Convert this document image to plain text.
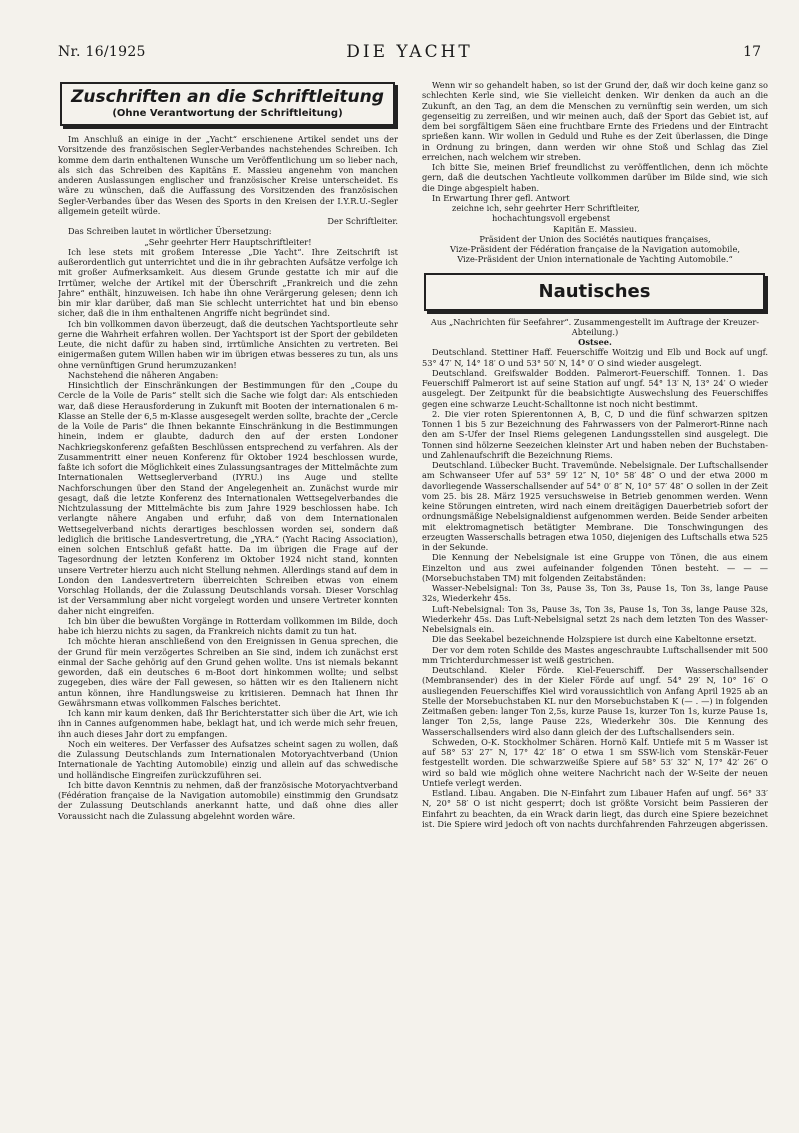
Nr. 16/1925	DIE YACHT	17
Zuschriften an die Schriftleitung
(Ohne Verantwortung der Schriftleitung)

Im Anschluß an einige in der „Yacht“ erschienene Artikel sendet uns der Vorsitzende des französischen Segler-Verbandes nachstehendes Schreiben. Ich komme dem darin enthaltenen Wunsche um Veröffentlichung um so lieber nach, als sich das Schreiben des Kapitäns E. Massieu angenehm von manchen anderen Auslassungen englischer und französischer Kreise unterscheidet. Es wäre zu wünschen, daß die Auffassung des Vorsitzenden des französischen Segler-Verbandes über das Wesen des Sports in den Kreisen der I.Y.R.U.-Segler allgemein geteilt würde.

Der Schriftleiter.

Das Schreiben lautet in wörtlicher Übersetzung:

„Sehr geehrter Herr Hauptschriftleiter!

Ich lese stets mit großem Interesse „Die Yacht“. Ihre Zeitschrift ist außerordentlich gut unterrichtet und die in ihr gebrachten Aufsätze verfolge ich mit großer Aufmerksamkeit. Aus diesem Grunde gestatte ich mir auf die Irrtümer, welche der Artikel mit der Überschrift „Frankreich und die zehn Jahre“ enthält, hinzuweisen. Ich habe ihn ohne Verärgerung gelesen; denn ich bin mir klar darüber, daß man Sie schlecht unterrichtet hat und bin ebenso sicher, daß die in ihm enthaltenen Angriffe nicht begründet sind.

Ich bin vollkommen davon überzeugt, daß die deutschen Yachtsportleute sehr gerne die Wahrheit erfahren wollen. Der Yachtsport ist der Sport der gebildeten Leute, die nicht dafür zu haben sind, irrtümliche Ansichten zu vertreten. Bei einigermaßen gutem Willen haben wir im übrigen etwas besseres zu tun, als uns ohne vernünftigen Grund herumzuzanken!

Nachstehend die näheren Angaben:

Hinsichtlich der Einschränkungen der Bestimmungen für den „Coupe du Cercle de la Voile de Paris“ stellt sich die Sache wie folgt dar: Als entschieden war, daß diese Herausforderung in Zukunft mit Booten der internationalen 6 m-Klasse an Stelle der 6,5 m-Klasse ausgesegelt werden sollte, brachte der „Cercle de la Voile de Paris“ die Ihnen bekannte Einschränkung in die Bestimmungen hinein, indem er glaubte, dadurch den auf der ersten Londoner Nachkriegskonferenz gefaßten Beschlüssen entsprechend zu verfahren. Als der Zusammentritt einer neuen Konferenz für Oktober 1924 beschlossen wurde, faßte ich sofort die Möglichkeit eines Zulassungsantrages der Mittelmächte zum Internationalen Wettseglerverband (IYRU.) ins Auge und stellte Nachforschungen über den Stand der Angelegenheit an. Zunächst wurde mir gesagt, daß die letzte Konferenz des Internationalen Wettsegelverbandes die Nichtzulassung der Mittelmächte bis zum Jahre 1929 beschlossen habe. Ich verlangte nähere Angaben und erfuhr, daß von dem Internationalen Wettsegelverband nichts derartiges beschlossen worden sei, sondern daß lediglich die britische Landesvertretung, die „YRA.“ (Yacht Racing Association), einen solchen Entschluß gefaßt hatte. Da im übrigen die Frage auf der Tagesordnung der letzten Konferenz im Oktober 1924 nicht stand, konnten unsere Vertreter hierzu auch nicht Stellung nehmen. Allerdings stand auf dem in London den Landesvertretern überreichten Schreiben etwas von einem Vorschlag Hollands, der die Zulassung Deutschlands vorsah. Dieser Vorschlag ist der Versammlung aber nicht vorgelegt worden und unsere Vertreter konnten daher nicht eingreifen.

Ich bin über die bewußten Vorgänge in Rotterdam vollkommen im Bilde, doch habe ich hierzu nichts zu sagen, da Frankreich nichts damit zu tun hat.

Ich möchte hieran anschließend von den Ereignissen in Genua sprechen, die der Grund für mein verzögertes Schreiben an Sie sind, indem ich zunächst erst einmal der Sache gehörig auf den Grund gehen wollte. Uns ist niemals bekannt geworden, daß ein deutsches 6 m-Boot dort hinkommen wollte; und selbst zugegeben, dies wäre der Fall gewesen, so hätten wir es den Italienern nicht antun können, ihre Handlungsweise zu kritisieren. Demnach hat Ihnen Ihr Gewährsmann etwas vollkommen Falsches berichtet.

Ich kann mir kaum denken, daß Ihr Berichterstatter sich über die Art, wie ich ihn in Cannes aufgenommen habe, beklagt hat, und ich werde mich sehr freuen, ihn auch dieses Jahr dort zu empfangen.

Noch ein weiteres. Der Verfasser des Aufsatzes scheint sagen zu wollen, daß die Zulassung Deutschlands zum Internationalen Motoryachtverband (Union Internationale de Yachting Automobile) einzig und allein auf das schwedische und holländische Eingreifen zurückzuführen sei.

Ich bitte davon Kenntnis zu nehmen, daß der französische Motoryachtverband (Fédération française de la Navigation automobile) einstimmig den Grundsatz der Zulassung Deutschlands anerkannt hatte, und daß ohne dies aller Voraussicht nach die Zulassung abgelehnt worden wäre.

Wenn wir so gehandelt haben, so ist der Grund der, daß wir doch keine ganz so schlechten Kerle sind, wie Sie vielleicht denken. Wir denken da auch an die Zukunft, an den Tag, an dem die Menschen zu vernünftig sein werden, um sich gegenseitig zu zerreißen, und wir meinen auch, daß der Sport das Gebiet ist, auf dem bei sorgfältigem Säen eine fruchtbare Ernte des Friedens und der Eintracht sprießen kann. Wir wollen in Geduld und Ruhe es der Zeit überlassen, die Dinge in Ordnung zu bringen, dann werden wir ohne Stoß und Schlag das Ziel erreichen, nach welchem wir streben.

Ich bitte Sie, meinen Brief freundlichst zu veröffentlichen, denn ich möchte gern, daß die deutschen Yachtleute vollkommen darüber im Bilde sind, wie sich die Dinge abgespielt haben.

In Erwartung Ihrer gefl. Antwort

zeichne ich, sehr geehrter Herr Schriftleiter,

hochachtungsvoll ergebenst

Kapitän E. Massieu.

Präsident der Union des Sociétés nautiques françaises,

Vize-Präsident der Fédération française de la Navigation automobile,

Vize-Präsident der Union internationale de Yachting Automobile.“

Nautisches

Aus „Nachrichten für Seefahrer“. Zusammengestellt im Auftrage der Kreuzer-Abteilung.)

Ostsee.

Deutschland. Stettiner Haff. Feuerschiffe Woitzig und Elb und Bock auf ungf. 53° 47′ N, 14° 18′ O und 53° 50′ N, 14° 0′ O sind wieder ausgelegt.

Deutschland. Greifswalder Bodden. Palmerort-Feuerschiff. Tonnen. 1. Das Feuerschiff Palmerort ist auf seine Station auf ungf. 54° 13′ N, 13° 24′ O wieder ausgelegt. Der Zeitpunkt für die beabsichtigte Auswechslung des Feuerschiffes gegen eine schwarze Leucht-Schalltonne ist noch nicht bestimmt.

2. Die vier roten Spierentonnen A, B, C, D und die fünf schwarzen spitzen Tonnen 1 bis 5 zur Bezeichnung des Fahrwassers von der Palmerort-Rinne nach den am S-Ufer der Insel Riems gelegenen Landungsstellen sind ausgelegt. Die Tonnen sind hölzerne Seezeichen kleinster Art und haben neben der Buchstaben- und Zahlenaufschrift die Bezeichnung Riems.

Deutschland. Lübecker Bucht. Travemünde. Nebelsignale. Der Luftschallsender am Schwanseer Ufer auf 53° 59′ 12″ N, 10° 58′ 48″ O und der etwa 2000 m davorliegende Wasserschallsender auf 54° 0′ 8″ N, 10° 57′ 48″ O sollen in der Zeit vom 25. bis 28. März 1925 versuchsweise in Betrieb genommen werden. Wenn keine Störungen eintreten, wird nach einem dreitägigen Dauerbetrieb sofort der ordnungsmäßige Nebelsignaldienst aufgenommen werden. Beide Sender arbeiten mit elektromagnetisch betätigter Membrane. Die Tonschwingungen des erzeugten Wasserschalls betragen etwa 1050, diejenigen des Luftschalls etwa 525 in der Sekunde.

Die Kennung der Nebelsignale ist eine Gruppe von Tönen, die aus einem Einzelton und aus zwei aufeinander folgenden Tönen besteht. — — — (Morsebuchstaben TM) mit folgenden Zeitabständen:

Wasser-Nebelsignal: Ton 3s, Pause 3s, Ton 3s, Pause 1s, Ton 3s, lange Pause 32s, Wiederkehr 45s.

Luft-Nebelsignal: Ton 3s, Pause 3s, Ton 3s, Pause 1s, Ton 3s, lange Pause 32s, Wiederkehr 45s. Das Luft-Nebelsignal setzt 2s nach dem letzten Ton des Wasser-Nebelsignals ein.

Die das Seekabel bezeichnende Holzspiere ist durch eine Kabeltonne ersetzt.

Der vor dem roten Schilde des Mastes angeschraubte Luftschallsender mit 500 mm Trichterdurchmesser ist weiß gestrichen.

Deutschland. Kieler Förde. Kiel-Feuerschiff. Der Wasserschallsender (Membransender) des in der Kieler Förde auf ungf. 54° 29′ N, 10° 16′ O ausliegenden Feuerschiffes Kiel wird voraussichtlich von Anfang April 1925 ab an Stelle der Morsebuchstaben KL nur den Morsebuchstaben K (— . —) in folgenden Zeitmaßen geben: langer Ton 2,5s, kurze Pause 1s, kurzer Ton 1s, kurze Pause 1s, langer Ton 2,5s, lange Pause 22s, Wiederkehr 30s. Die Kennung des Wasserschallsenders wird also dann gleich der des Luftschallsenders sein.

Schweden, O-K. Stockholmer Schären. Hornö Kalf. Untiefe mit 5 m Wasser ist auf 58° 53′ 27″ N, 17° 42′ 18″ O etwa 1 sm SSW-lich vom Stenskär-Feuer festgestellt worden. Die schwarzweiße Spiere auf 58° 53′ 32″ N, 17° 42′ 26″ O wird so bald wie möglich ohne weitere Nachricht nach der W-Seite der neuen Untiefe verlegt werden.

Estland. Libau. Angaben. Die N-Einfahrt zum Libauer Hafen auf ungf. 56° 33′ N, 20° 58′ O ist nicht gesperrt; doch ist größte Vorsicht beim Passieren der Einfahrt zu beachten, da ein Wrack darin liegt, das durch eine Spiere bezeichnet ist. Die Spiere wird jedoch oft von nachts durchfahrenden Fahrzeugen abgerissen.
